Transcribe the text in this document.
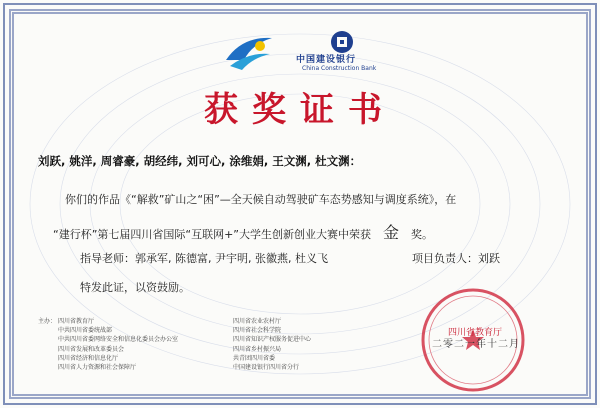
中国建设银行
China Construction Bank
获奖证书
刘跃, 姚洋, 周睿豪, 胡经纬, 刘可心, 涂维娟, 王文渊, 杜文渊：
你们的作品《“解救”矿山之“困”—全天候自动驾驶矿车态势感知与调度系统》，在
“建行杯”第七届四川省国际“互联网+”大学生创新创业大赛中荣获 金 奖。
指导老师：郭承军, 陈德富, 尹宇明, 张徽燕, 杜义飞	项目负责人：刘跃
特发此证，以资鼓励。
主办： 四川省教育厅
中共四川省委统战部
中共四川省委网络安全和信息化委员会办公室
四川省发展和改革委员会
四川省经济和信息化厅
四川省人力资源和社会保障厅
四川省农业农村厅
四川省社会科学院
四川省知识产权服务促进中心
四川省乡村振兴局
共青团四川省委
中国建设银行四川省分行
四川省教育厅
二零二一年十二月
